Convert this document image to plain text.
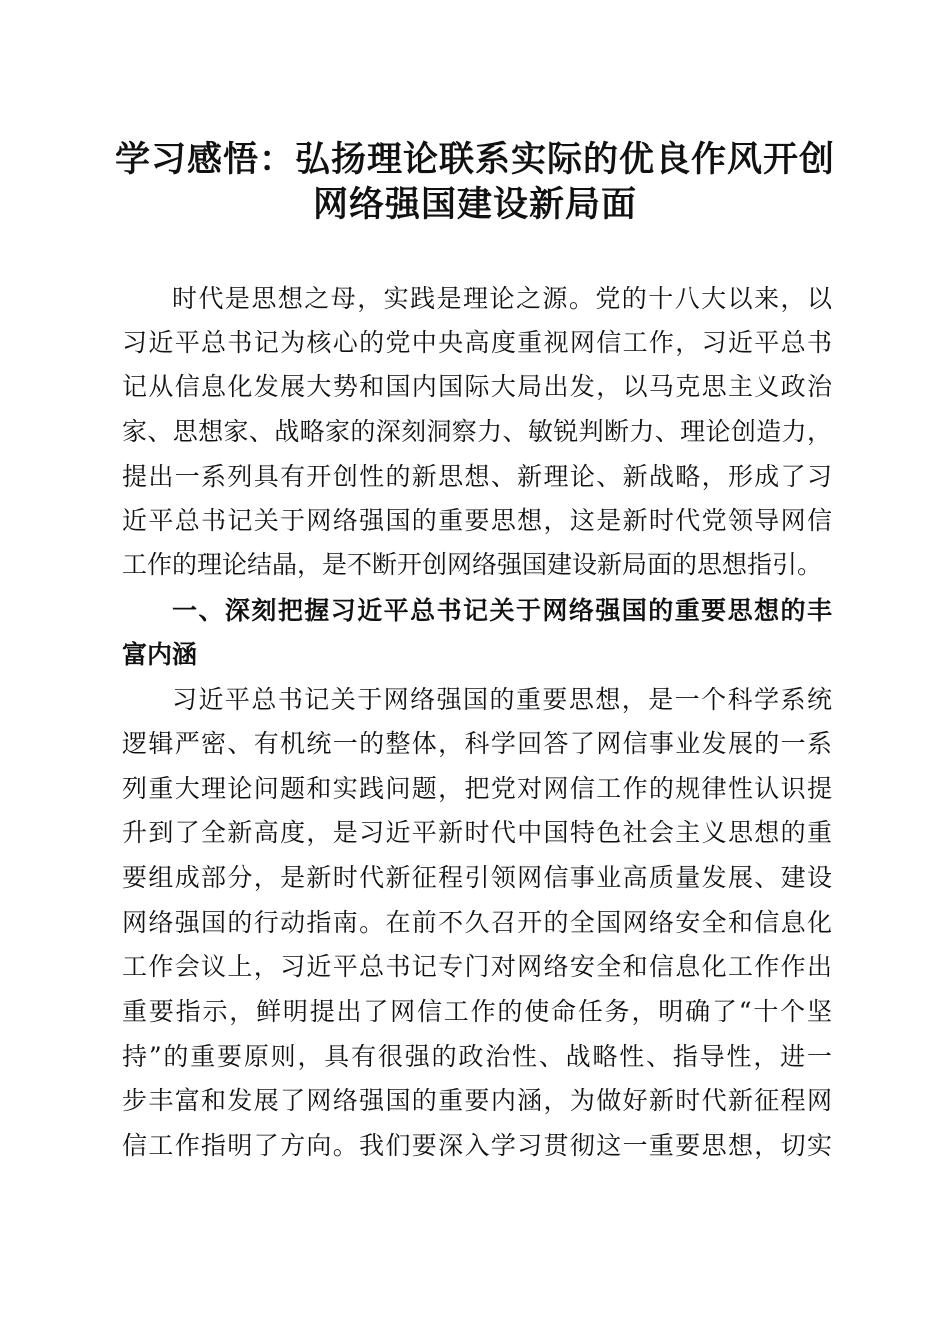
学习感悟：弘扬理论联系实际的优良作风开创
网络强国建设新局面
时代是思想之母，实践是理论之源。党的十八大以来，以
习近平总书记为核心的党中央高度重视网信工作，习近平总书
记从信息化发展大势和国内国际大局出发，以马克思主义政治
家、思想家、战略家的深刻洞察力、敏锐判断力、理论创造力，
提出一系列具有开创性的新思想、新理论、新战略，形成了习
近平总书记关于网络强国的重要思想，这是新时代党领导网信
工作的理论结晶，是不断开创网络强国建设新局面的思想指引。
一、深刻把握习近平总书记关于网络强国的重要思想的丰
富内涵
习近平总书记关于网络强国的重要思想，是一个科学系统
逻辑严密、有机统一的整体，科学回答了网信事业发展的一系
列重大理论问题和实践问题，把党对网信工作的规律性认识提
升到了全新高度，是习近平新时代中国特色社会主义思想的重
要组成部分，是新时代新征程引领网信事业高质量发展、建设
网络强国的行动指南。在前不久召开的全国网络安全和信息化
工作会议上，习近平总书记专门对网络安全和信息化工作作出
重要指示，鲜明提出了网信工作的使命任务，明确了“十个坚
持”的重要原则，具有很强的政治性、战略性、指导性，进一
步丰富和发展了网络强国的重要内涵，为做好新时代新征程网
信工作指明了方向。我们要深入学习贯彻这一重要思想，切实
